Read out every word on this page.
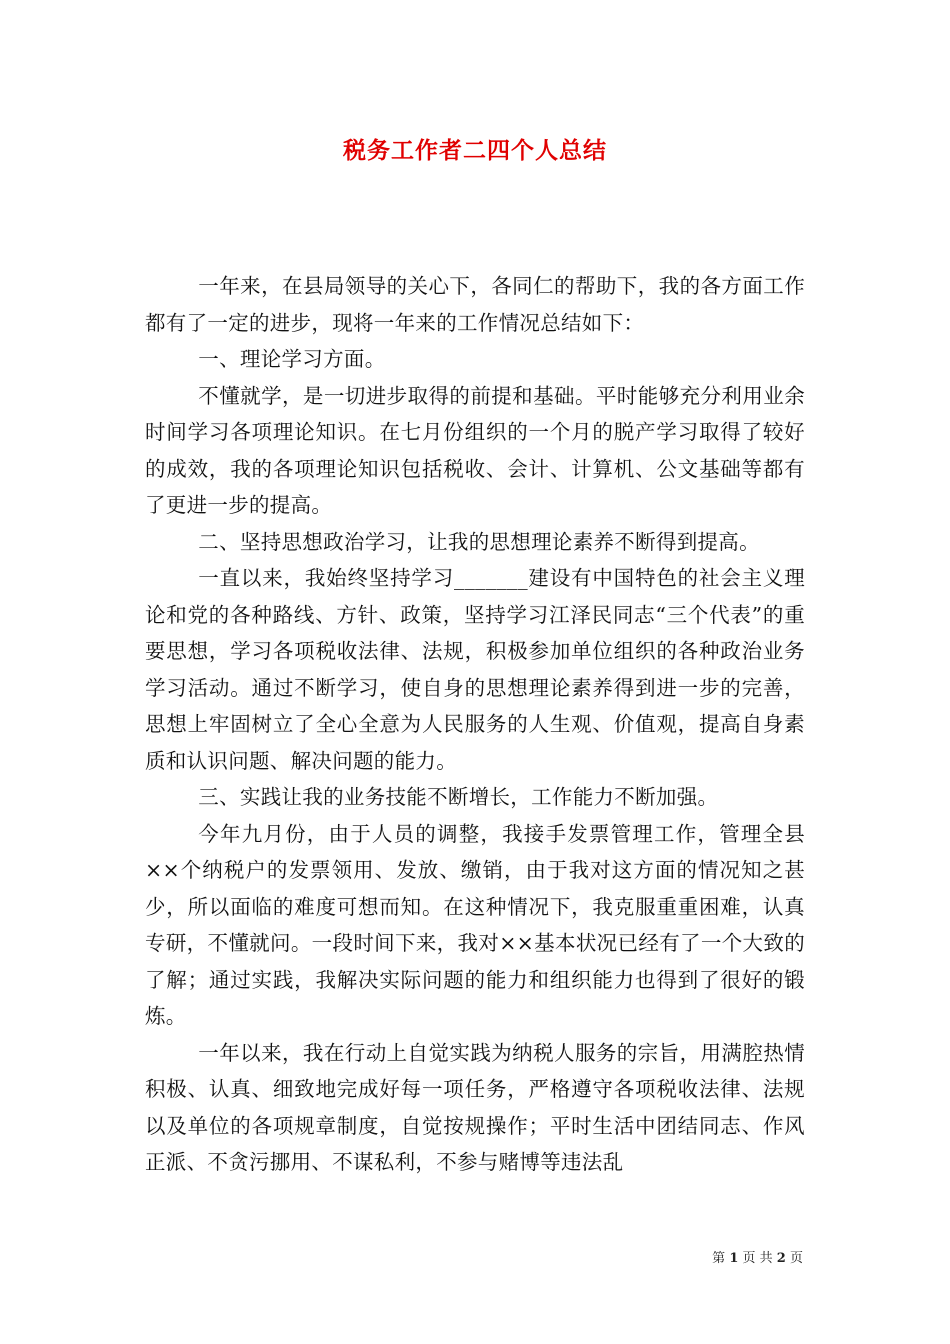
税务工作者二四个人总结

一年来，在县局领导的关心下，各同仁的帮助下，我的各方面工作都有了一定的进步，现将一年来的工作情况总结如下：

一、理论学习方面。

不懂就学，是一切进步取得的前提和基础。平时能够充分利用业余时间学习各项理论知识。在七月份组织的一个月的脱产学习取得了较好的成效，我的各项理论知识包括税收、会计、计算机、公文基础等都有了更进一步的提高。

二、坚持思想政治学习，让我的思想理论素养不断得到提高。

一直以来，我始终坚持学习_______建设有中国特色的社会主义理论和党的各种路线、方针、政策，坚持学习江泽民同志“三个代表”的重要思想，学习各项税收法律、法规，积极参加单位组织的各种政治业务学习活动。通过不断学习，使自身的思想理论素养得到进一步的完善，思想上牢固树立了全心全意为人民服务的人生观、价值观，提高自身素质和认识问题、解决问题的能力。

三、实践让我的业务技能不断增长，工作能力不断加强。

今年九月份，由于人员的调整，我接手发票管理工作，管理全县××个纳税户的发票领用、发放、缴销，由于我对这方面的情况知之甚少，所以面临的难度可想而知。在这种情况下，我克服重重困难，认真专研，不懂就问。一段时间下来，我对××基本状况已经有了一个大致的了解；通过实践，我解决实际问题的能力和组织能力也得到了很好的锻炼。

一年以来，我在行动上自觉实践为纳税人服务的宗旨，用满腔热情积极、认真、细致地完成好每一项任务，严格遵守各项税收法律、法规以及单位的各项规章制度，自觉按规操作；平时生活中团结同志、作风正派、不贪污挪用、不谋私利，不参与赌博等违法乱

第 1 页 共 2 页
